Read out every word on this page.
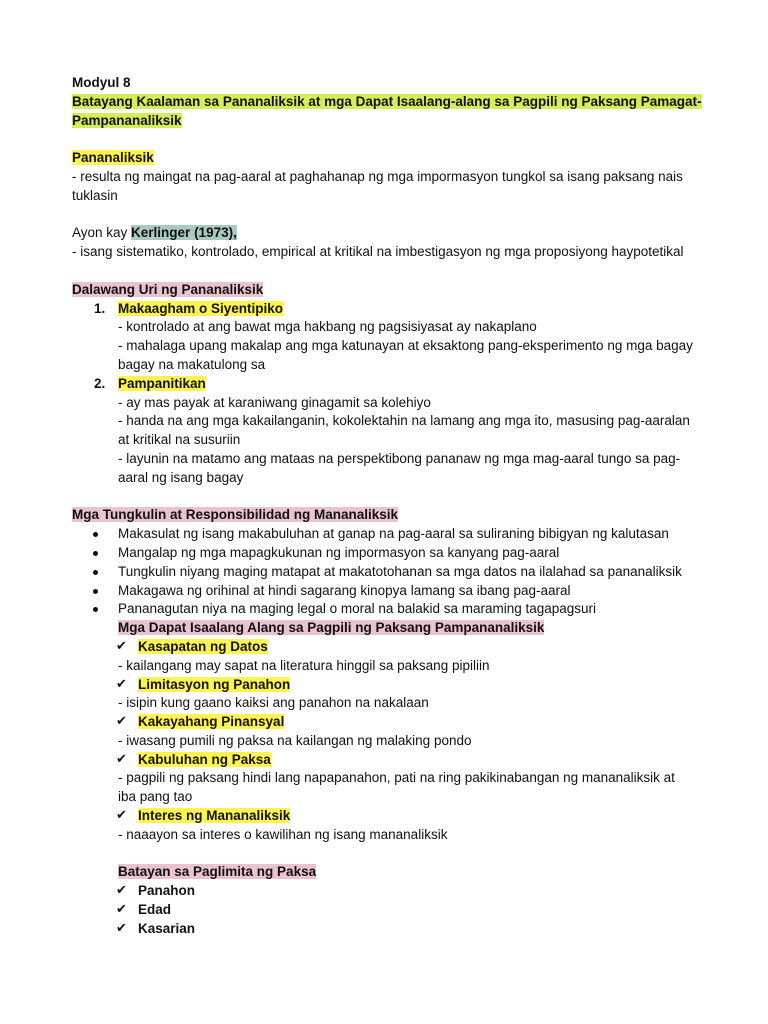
Modyul 8
Batayang Kaalaman sa Pananaliksik at mga Dapat Isaalang-alang sa Pagpili ng Paksang Pamagat-
Pampananaliksik
Pananaliksik
- resulta ng maingat na pag-aaral at paghahanap ng mga impormasyon tungkol sa isang paksang nais
tuklasin
Ayon kay Kerlinger (1973),
- isang sistematiko, kontrolado, empirical at kritikal na imbestigasyon ng mga proposiyong haypotetikal
Dalawang Uri ng Pananaliksik
1. Makaagham o Siyentipiko
- kontrolado at ang bawat mga hakbang ng pagsisiyasat ay nakaplano
- mahalaga upang makalap ang mga katunayan at eksaktong pang-eksperimento ng mga bagay
bagay na makatulong sa
2. Pampanitikan
- ay mas payak at karaniwang ginagamit sa kolehiyo
- handa na ang mga kakailanganin, kokolektahin na lamang ang mga ito, masusing pag-aaralan
at kritikal na susuriin
- layunin na matamo ang mataas na perspektibong pananaw ng mga mag-aaral tungo sa pag-
aaral ng isang bagay
Mga Tungkulin at Responsibilidad ng Mananaliksik
Makasulat ng isang makabuluhan at ganap na pag-aaral sa suliraning bibigyan ng kalutasan
Mangalap ng mga mapagkukunan ng impormasyon sa kanyang pag-aaral
Tungkulin niyang maging matapat at makatotohanan sa mga datos na ilalahad sa pananaliksik
Makagawa ng orihinal at hindi sagarang kinopya lamang sa ibang pag-aaral
Pananagutan niya na maging legal o moral na balakid sa maraming tagapagsuri
Mga Dapat Isaalang Alang sa Pagpili ng Paksang Pampananaliksik
✔ Kasapatan ng Datos
- kailangang may sapat na literatura hinggil sa paksang pipiliin
✔ Limitasyon ng Panahon
- isipin kung gaano kaiksi ang panahon na nakalaan
✔ Kakayahang Pinansyal
- iwasang pumili ng paksa na kailangan ng malaking pondo
✔ Kabuluhan ng Paksa
- pagpili ng paksang hindi lang napapanahon, pati na ring pakikinabangan ng mananaliksik at
iba pang tao
✔ Interes ng Mananaliksik
- naaayon sa interes o kawilihan ng isang mananaliksik
Batayan sa Paglimita ng Paksa
✔ Panahon
✔ Edad
✔ Kasarian
